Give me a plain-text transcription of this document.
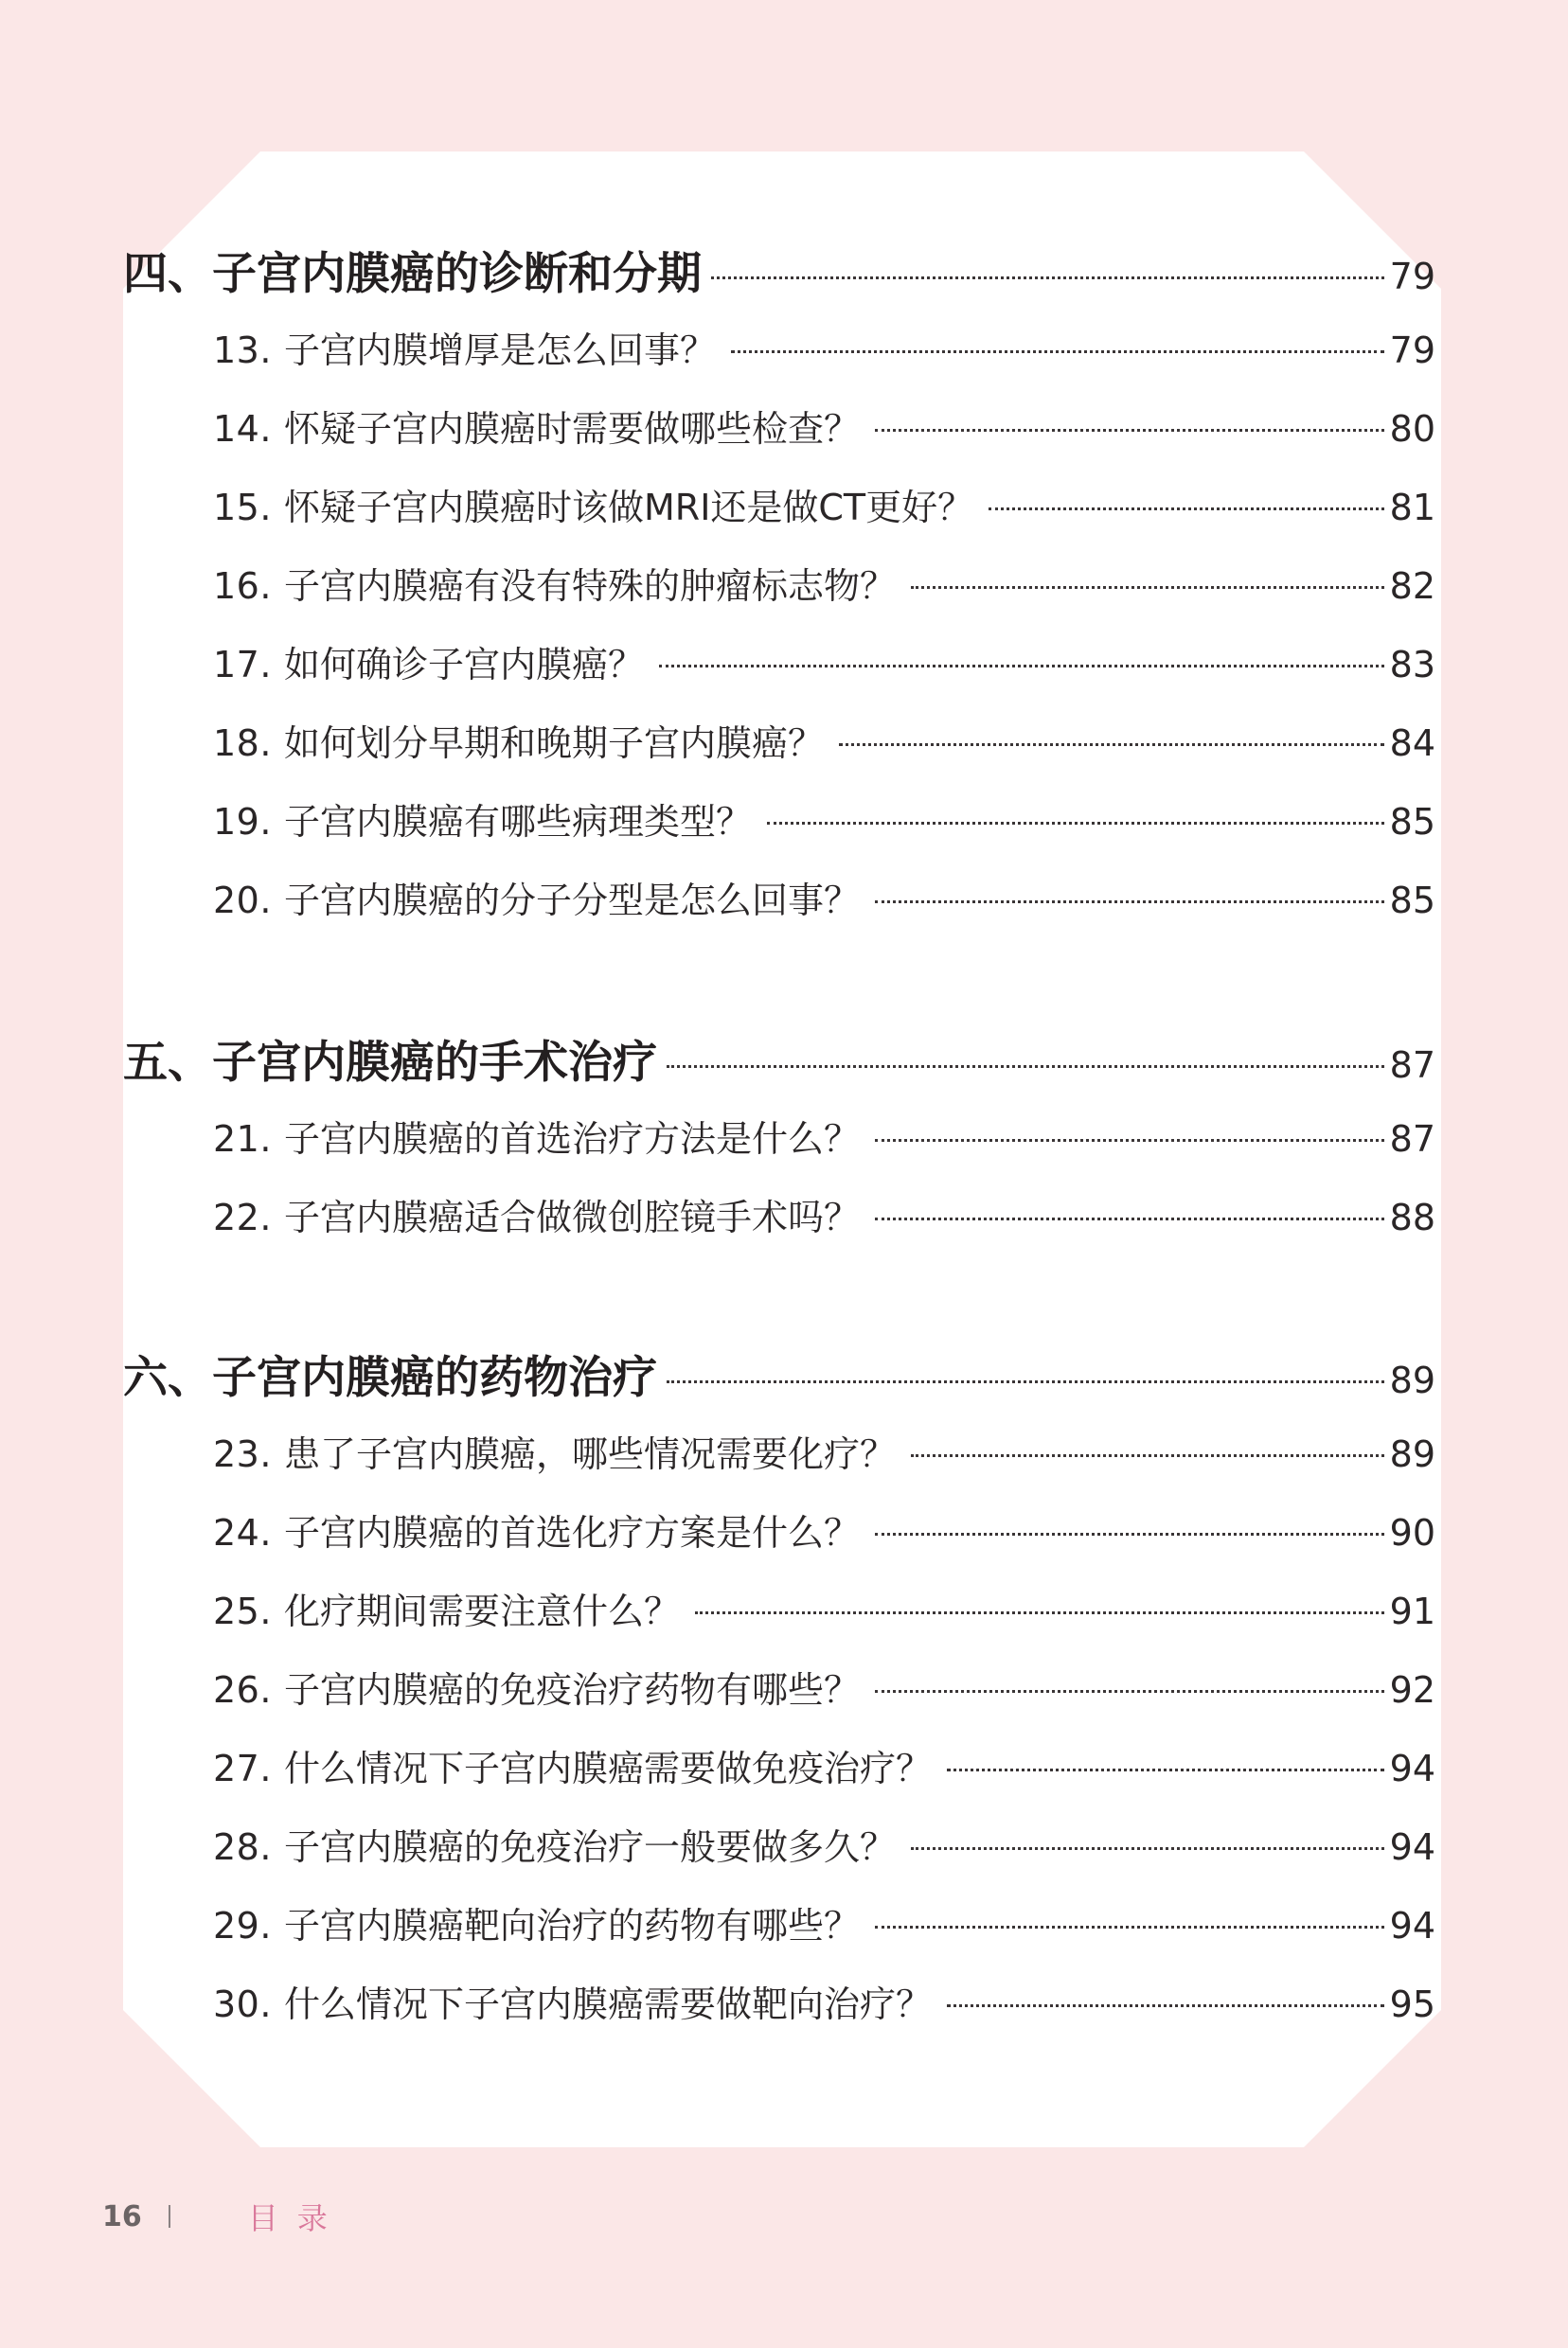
四、子宫内膜癌的诊断和分期	79
13. 子宫内膜增厚是怎么回事？	79
14. 怀疑子宫内膜癌时需要做哪些检查？	80
15. 怀疑子宫内膜癌时该做MRI还是做CT更好？	81
16. 子宫内膜癌有没有特殊的肿瘤标志物？	82
17. 如何确诊子宫内膜癌？	83
18. 如何划分早期和晚期子宫内膜癌？	84
19. 子宫内膜癌有哪些病理类型？	85
20. 子宫内膜癌的分子分型是怎么回事？	85
五、子宫内膜癌的手术治疗	87
21. 子宫内膜癌的首选治疗方法是什么？	87
22. 子宫内膜癌适合做微创腔镜手术吗？	88
六、子宫内膜癌的药物治疗	89
23. 患了子宫内膜癌，哪些情况需要化疗？	89
24. 子宫内膜癌的首选化疗方案是什么？	90
25. 化疗期间需要注意什么？	91
26. 子宫内膜癌的免疫治疗药物有哪些？	92
27. 什么情况下子宫内膜癌需要做免疫治疗？	94
28. 子宫内膜癌的免疫治疗一般要做多久？	94
29. 子宫内膜癌靶向治疗的药物有哪些？	94
30. 什么情况下子宫内膜癌需要做靶向治疗？	95
16	目录
